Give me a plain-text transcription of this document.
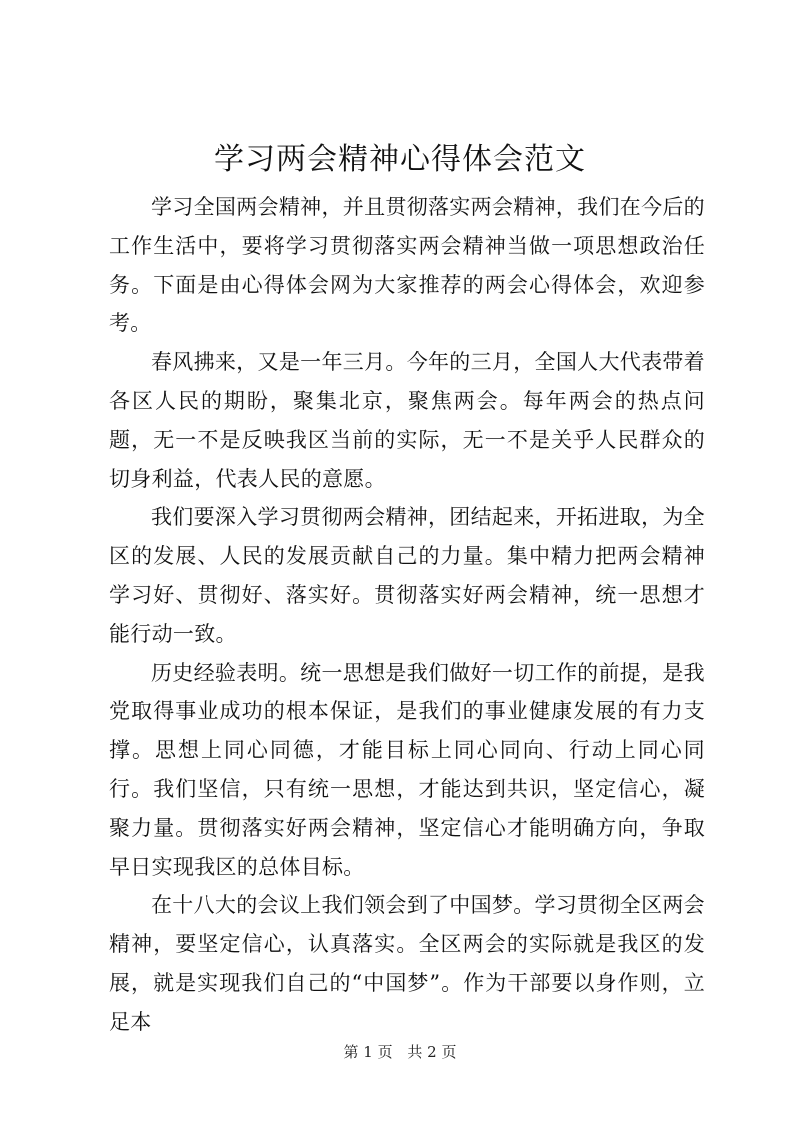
学习两会精神心得体会范文

学习全国两会精神，并且贯彻落实两会精神，我们在今后的工作生活中，要将学习贯彻落实两会精神当做一项思想政治任务。下面是由心得体会网为大家推荐的两会心得体会，欢迎参考。

春风拂来，又是一年三月。今年的三月，全国人大代表带着各区人民的期盼，聚集北京，聚焦两会。每年两会的热点问题，无一不是反映我区当前的实际，无一不是关乎人民群众的切身利益，代表人民的意愿。

我们要深入学习贯彻两会精神，团结起来，开拓进取，为全区的发展、人民的发展贡献自己的力量。集中精力把两会精神学习好、贯彻好、落实好。贯彻落实好两会精神，统一思想才能行动一致。

历史经验表明。统一思想是我们做好一切工作的前提，是我党取得事业成功的根本保证，是我们的事业健康发展的有力支撑。思想上同心同德，才能目标上同心同向、行动上同心同行。我们坚信，只有统一思想，才能达到共识，坚定信心，凝聚力量。贯彻落实好两会精神，坚定信心才能明确方向，争取早日实现我区的总体目标。

在十八大的会议上我们领会到了中国梦。学习贯彻全区两会精神，要坚定信心，认真落实。全区两会的实际就是我区的发展，就是实现我们自己的“中国梦”。作为干部要以身作则，立足本

第 1 页 共 2 页
